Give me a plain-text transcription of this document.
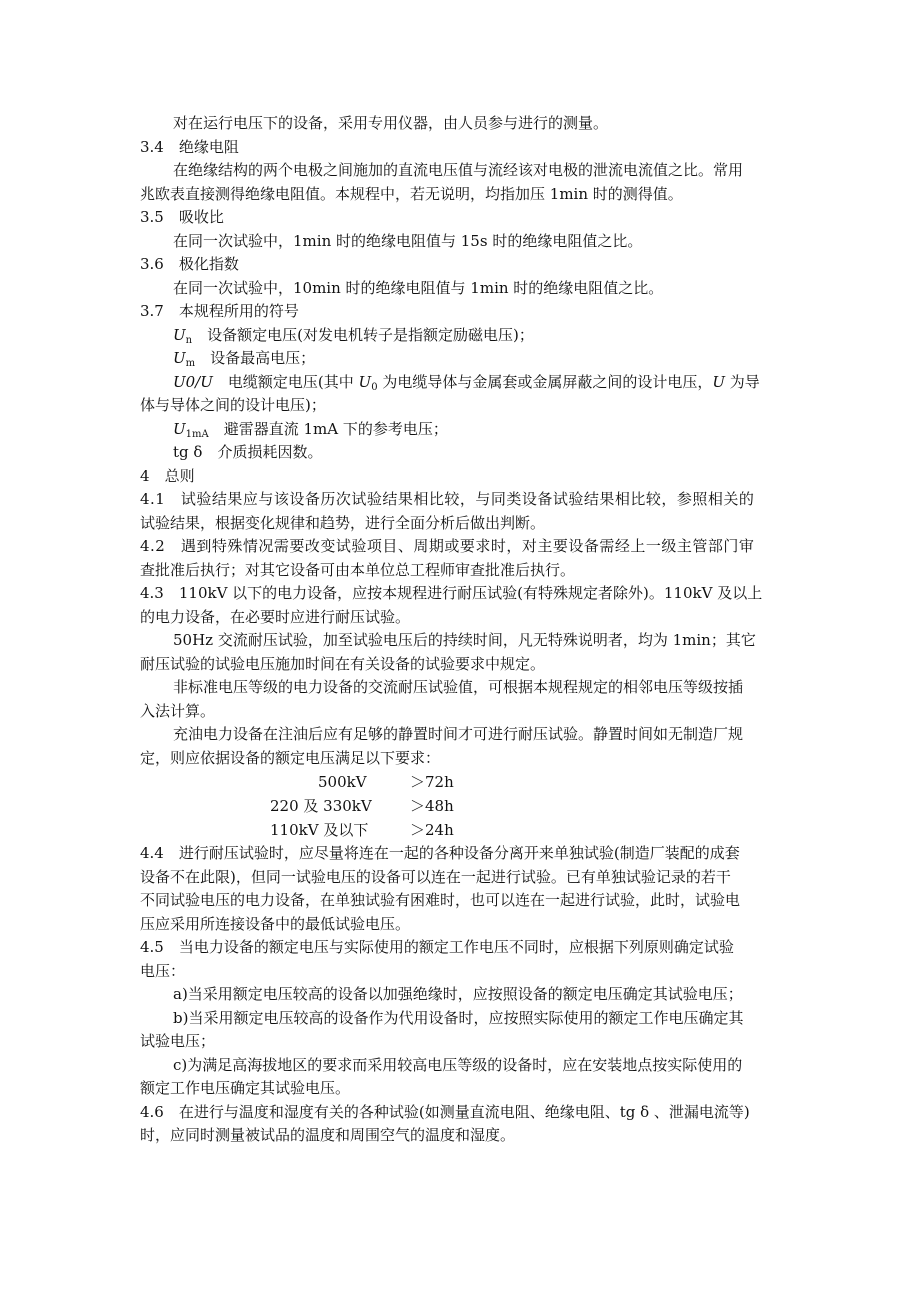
对在运行电压下的设备，采用专用仪器，由人员参与进行的测量。
3.4　 绝缘电阻
在绝缘结构的两个电极之间施加的直流电压值与流经该对电极的泄流电流值之比。常用
兆欧表直接测得绝缘电阻值。本规程中，若无说明，均指加压 1min 时的测得值。
3.5　 吸收比
在同一次试验中，1min 时的绝缘电阻值与 15s 时的绝缘电阻值之比。
3.6　 极化指数
在同一次试验中，10min 时的绝缘电阻值与 1min 时的绝缘电阻值之比。
3.7　 本规程所用的符号
$U_n$　 设备额定电压(对发电机转子是指额定励磁电压)；
$U_m$　 设备最高电压；
U0/U　 电缆额定电压(其中 $U_0$ 为电缆导体与金属套或金属屏蔽之间的设计电压，U 为导
体与导体之间的设计电压)；
$U_{1mA}$　 避雷器直流 1mA 下的参考电压；
tg δ　 介质损耗因数。
4　 总则
4.1　试验结果应与该设备历次试验结果相比较，与同类设备试验结果相比较，参照相关的
试验结果，根据变化规律和趋势，进行全面分析后做出判断。
4.2　遇到特殊情况需要改变试验项目、周期或要求时，对主要设备需经上一级主管部门审
查批准后执行；对其它设备可由本单位总工程师审查批准后执行。
4.3　110kV 以下的电力设备，应按本规程进行耐压试验(有特殊规定者除外)。110kV 及以上
的电力设备，在必要时应进行耐压试验。
50Hz 交流耐压试验，加至试验电压后的持续时间，凡无特殊说明者，均为 1min；其它
耐压试验的试验电压施加时间在有关设备的试验要求中规定。
非标准电压等级的电力设备的交流耐压试验值，可根据本规程规定的相邻电压等级按插
入法计算。
充油电力设备在注油后应有足够的静置时间才可进行耐压试验。静置时间如无制造厂规
定，则应依据设备的额定电压满足以下要求：
500kV	＞72h
220 及 330kV	＞48h
110kV 及以下	＞24h
4.4　进行耐压试验时，应尽量将连在一起的各种设备分离开来单独试验(制造厂装配的成套
设备不在此限)，但同一试验电压的设备可以连在一起进行试验。已有单独试验记录的若干
不同试验电压的电力设备，在单独试验有困难时，也可以连在一起进行试验，此时，试验电
压应采用所连接设备中的最低试验电压。
4.5　当电力设备的额定电压与实际使用的额定工作电压不同时，应根据下列原则确定试验
电压：
a)当采用额定电压较高的设备以加强绝缘时，应按照设备的额定电压确定其试验电压；
b)当采用额定电压较高的设备作为代用设备时，应按照实际使用的额定工作电压确定其
试验电压；
c)为满足高海拔地区的要求而采用较高电压等级的设备时，应在安装地点按实际使用的
额定工作电压确定其试验电压。
4.6　在进行与温度和湿度有关的各种试验(如测量直流电阻、绝缘电阻、tg δ 、泄漏电流等)
时，应同时测量被试品的温度和周围空气的温度和湿度。
